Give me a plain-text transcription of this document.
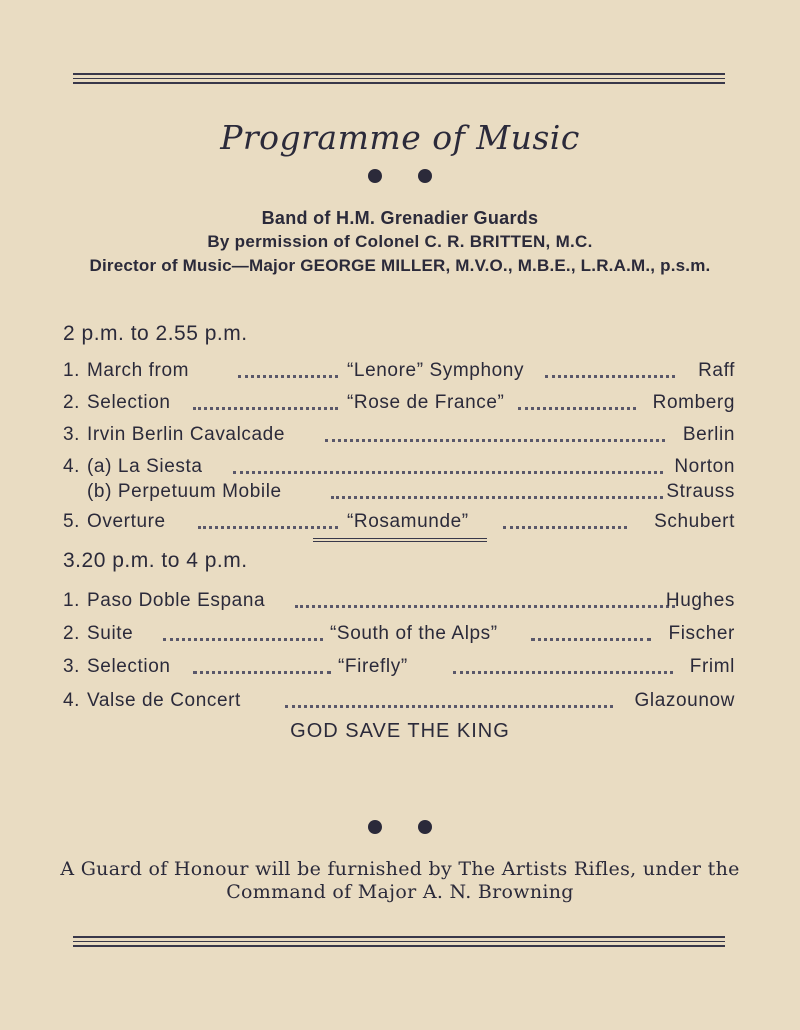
Programme of Music
Band of H.M. Grenadier Guards
By permission of Colonel C. R. BRITTEN, M.C.
Director of Music—Major GEORGE MILLER, M.V.O., M.B.E., L.R.A.M., p.s.m.
2 p.m. to 2.55 p.m.
1. March from	“Lenore” Symphony	Raff
2. Selection	“Rose de France”	Romberg
3. Irvin Berlin Cavalcade	Berlin
4. (a) La Siesta	Norton
(b) Perpetuum Mobile	Strauss
5. Overture	“Rosamunde”	Schubert
3.20 p.m. to 4 p.m.
1. Paso Doble Espana	Hughes
2. Suite	“South of the Alps”	Fischer
3. Selection	“Firefly”	Friml
4. Valse de Concert	Glazounow
GOD SAVE THE KING
A Guard of Honour will be furnished by The Artists Rifles, under the Command of Major A. N. Browning
